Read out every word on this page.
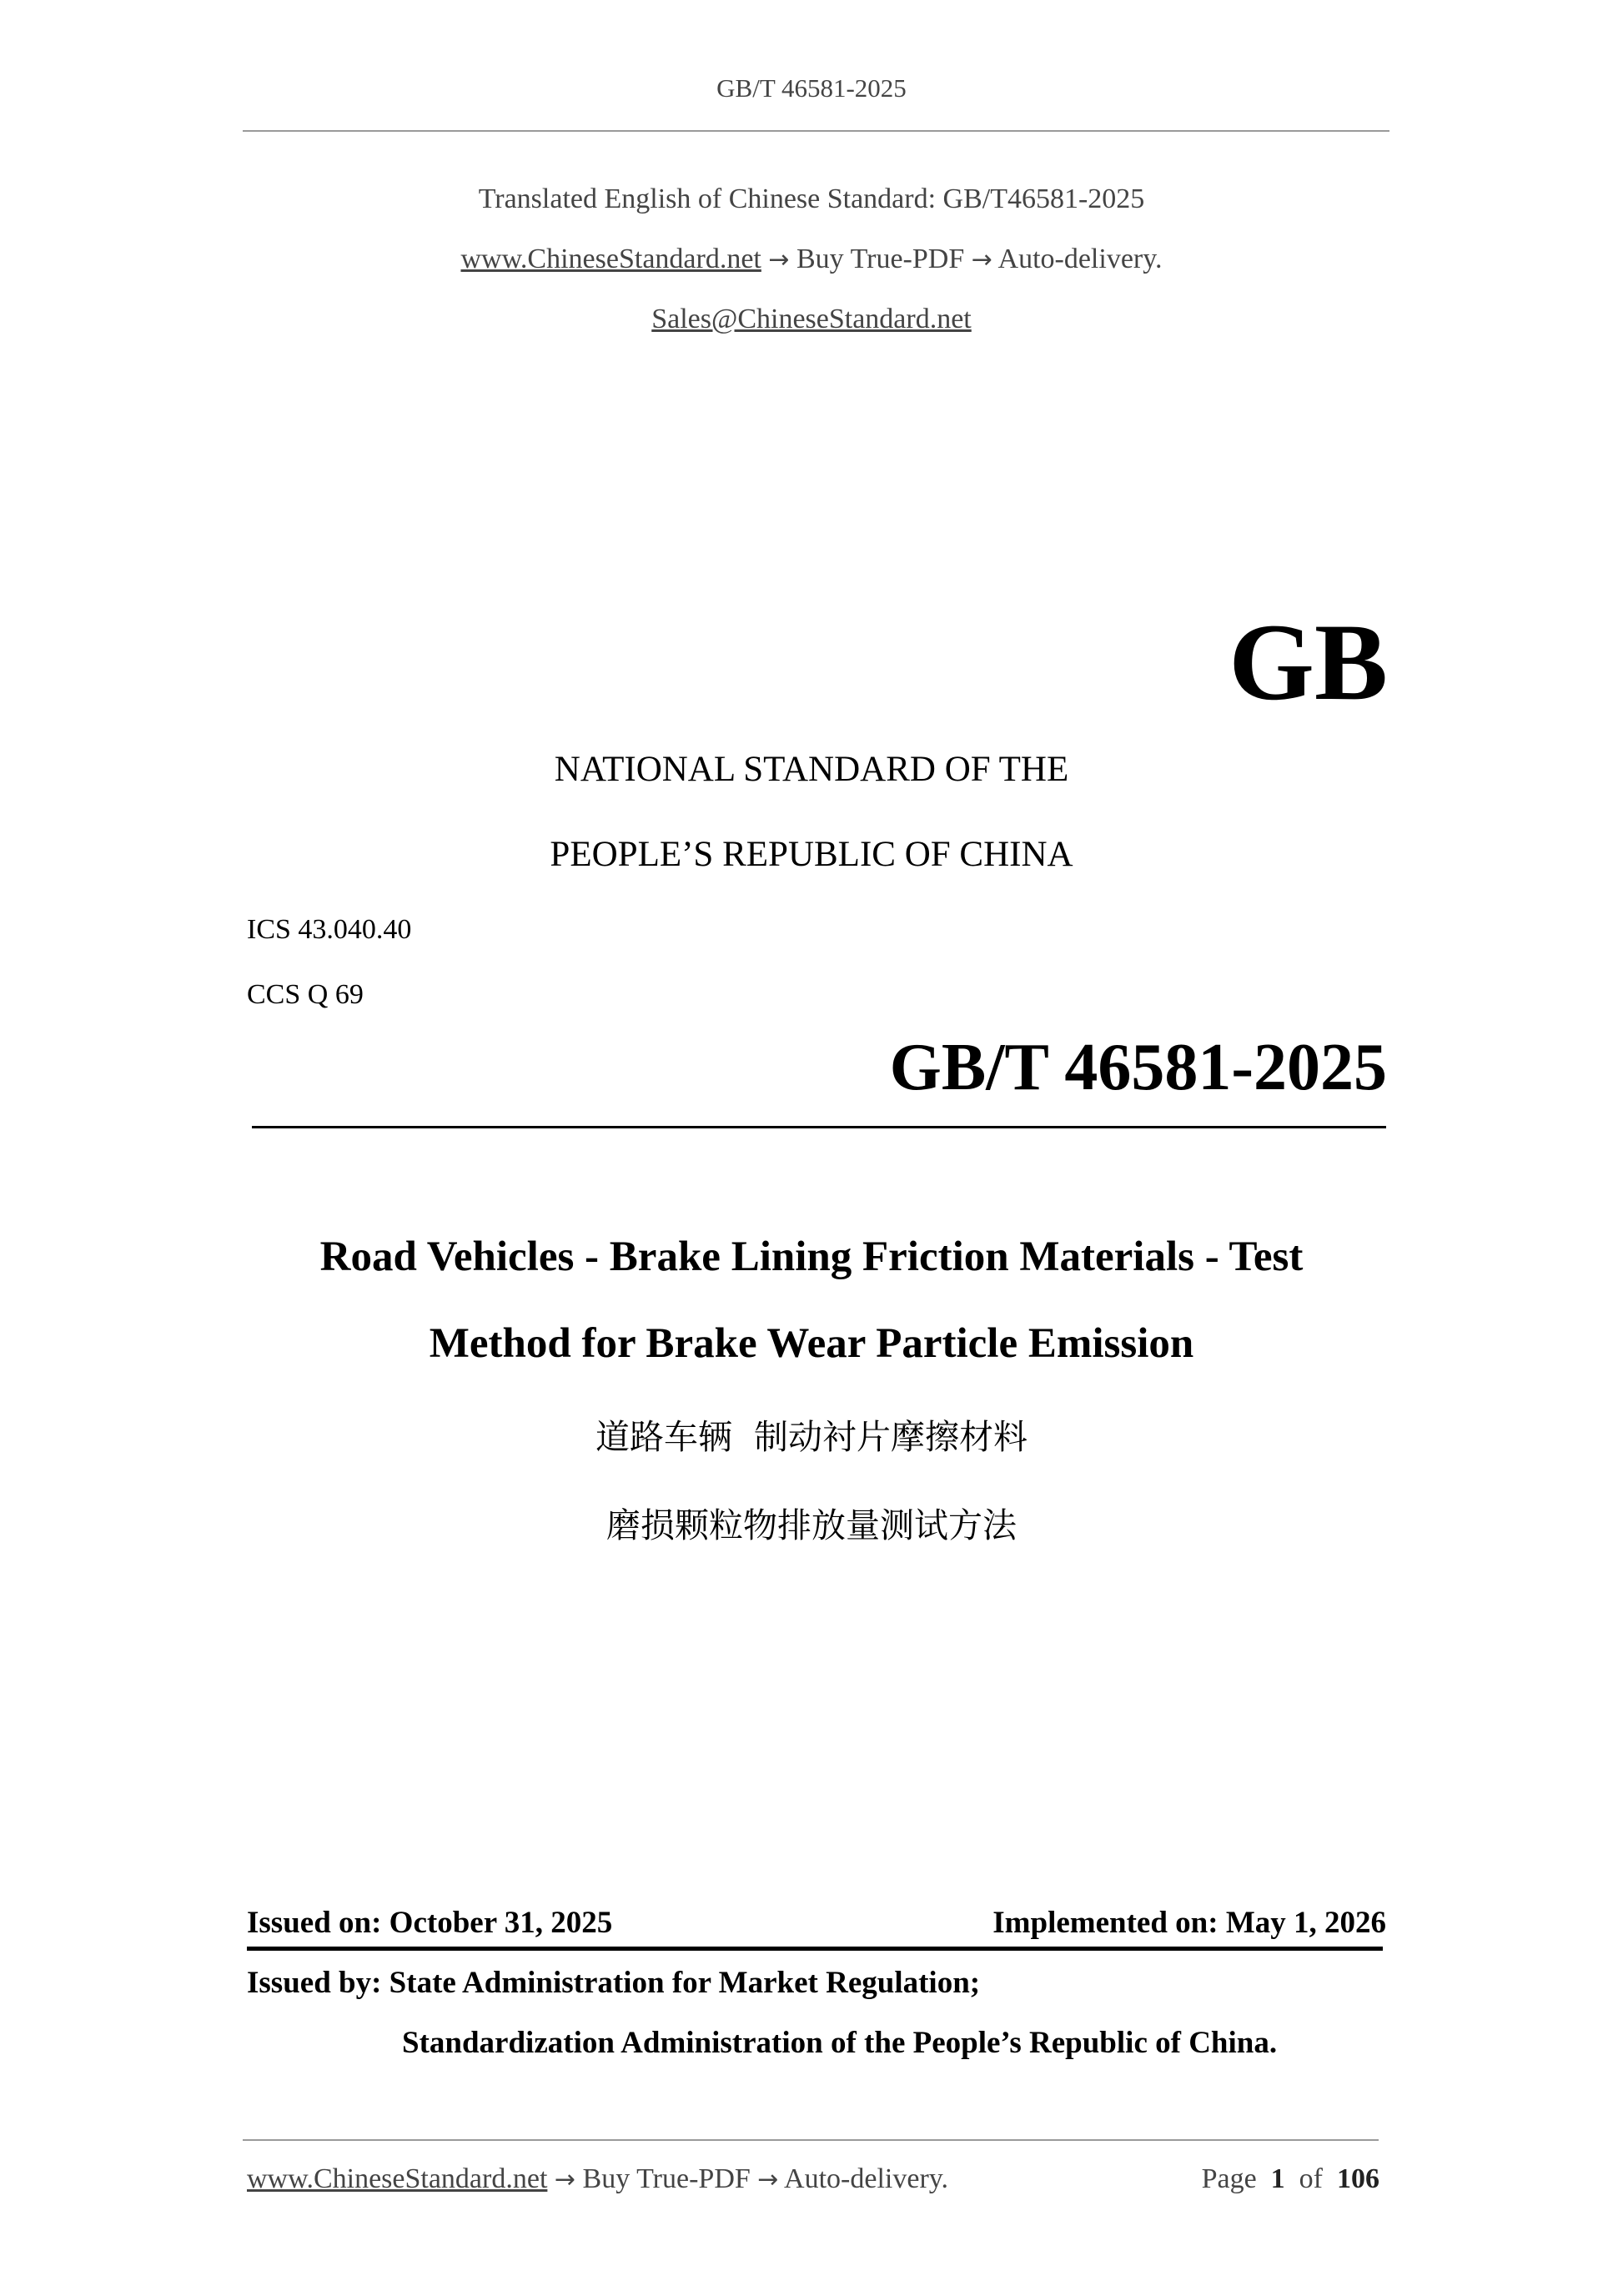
GB/T 46581-2025
Translated English of Chinese Standard: GB/T46581-2025
www.ChineseStandard.net → Buy True-PDF → Auto-delivery.
Sales@ChineseStandard.net
GB
NATIONAL STANDARD OF THE
PEOPLE’S REPUBLIC OF CHINA
ICS 43.040.40
CCS Q 69
GB/T 46581-2025
Road Vehicles - Brake Lining Friction Materials - Test
Method for Brake Wear Particle Emission
道路车辆  制动衬片摩擦材料
磨损颗粒物排放量测试方法
Issued on: October 31, 2025	Implemented on: May 1, 2026
Issued by: State Administration for Market Regulation;
Standardization Administration of the People’s Republic of China.
www.ChineseStandard.net → Buy True-PDF → Auto-delivery.	Page 1 of 106
